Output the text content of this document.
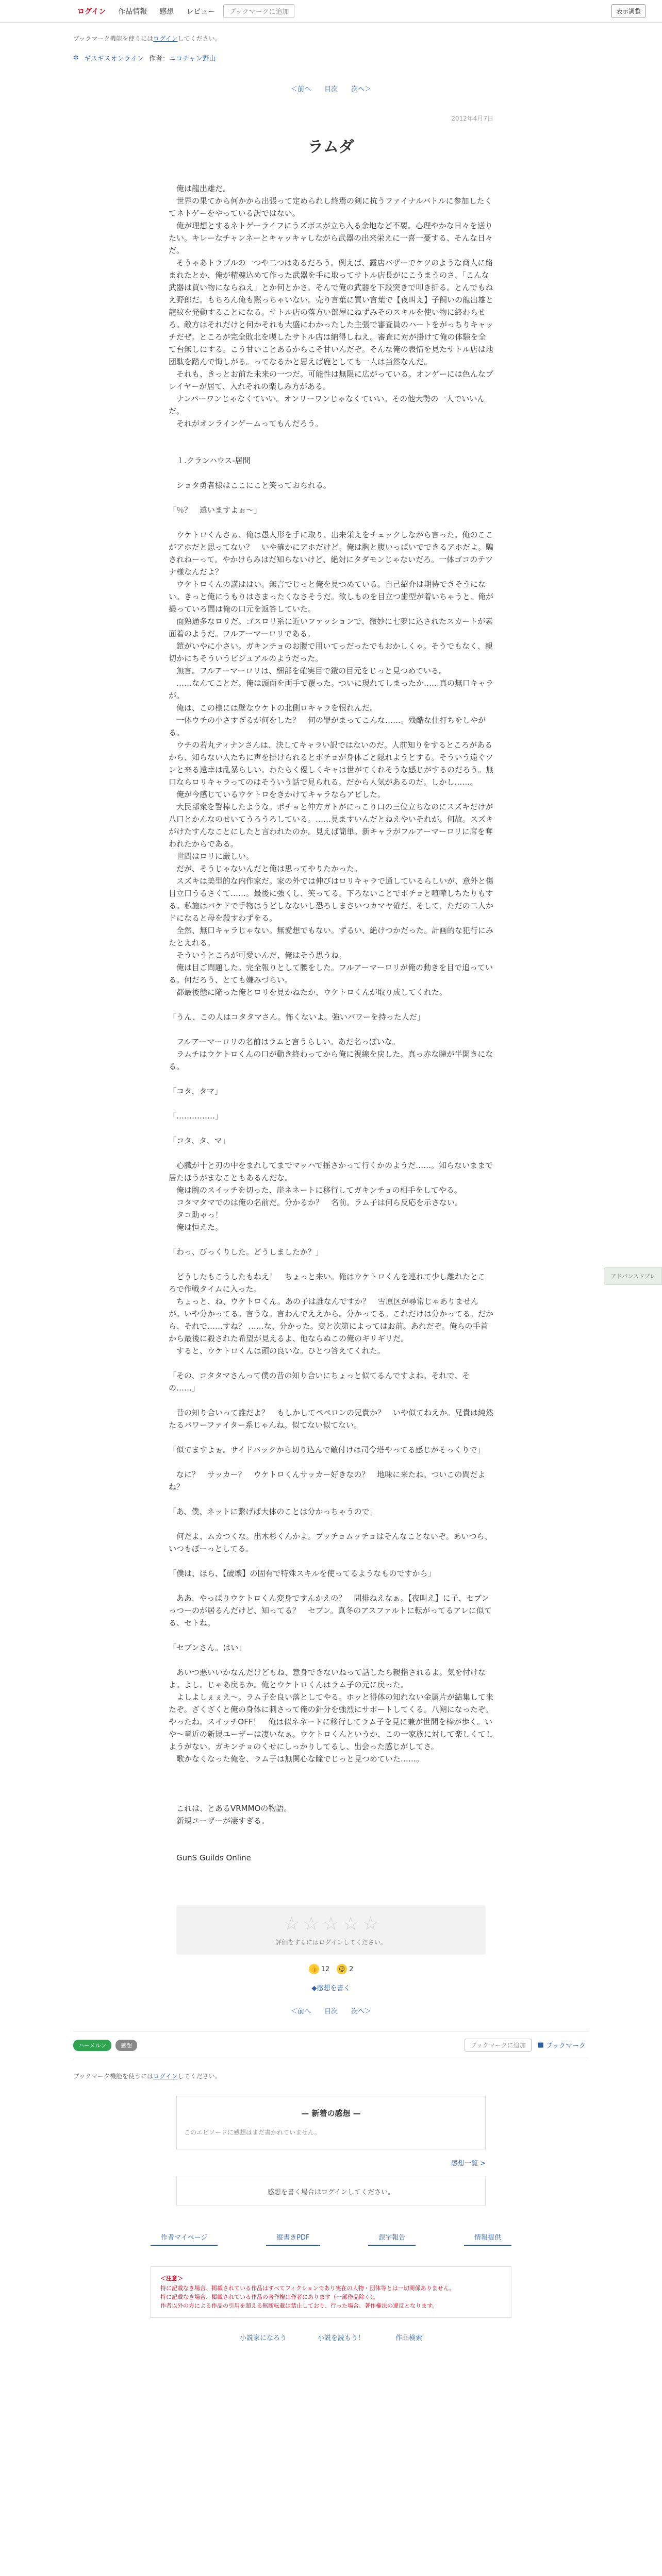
ログイン	作品情報	感想	レビュー	ブックマークに追加	表示調整
ブックマーク機能を使うにはログインしてください。
✲ ギスギスオンライン 作者：ニコチャン野山
＜前へ 目次 次へ＞
2012年4月7日
ラムダ
　俺は龍出雄だ。
　世界の果てから何かから出張って定められし終焉の剣に抗うファイナルバトルに参加したくてネトゲーをやっている訳ではない。
　俺が理想とするネトゲーライフにうズボスが立ち入る余地など不要。心理やかな日々を送りたい。キレーなチャンネーとキャッキャしながら武器の出来栄えに一喜一憂する、そんな日々だ。
　そうゃあトラブルの一つや二つはあるだろう。例えば、露店バザーでケツのような商人に絡まれたとか、俺が精魂込めて作った武器を手に取ってサトル店長がにこうまうのさ、「こんな武器は買い物にならねえ」とか何とかさ。そんで俺の武器を下段突きで叩き折る。とんでもねえ野郎だ。もちろん俺も黙っちゃいない。売り言葉に買い言葉で【夜叫え】子飼いの龍出雄と龍紋を発動することになる。サトル店の落方い部屋にねずみそのスキルを使い物に終わらせろ。敵方はそれだけと何かそれも大盛にわかったした主張で審査員のハートをがっちりキャッチだぜ。ところが完全敗北を喫したサトル店は納得しねえ。審査に対が掛けて俺の体験を全て台無しにする。こう甘いことあるからこそ甘いんだぞ。そんな俺の表情を見たサトル店は地団駄を踏んで悔しがる。ってなるかと思えば鹿としても一人は当然なんだ。
　それも、きっとお前た未来の一つだ。可能性は無限に広がっている。オンゲーには色んなプレイヤーが居て、入れそれの楽しみ方がある。
　ナンパーワンじゃなくていい。オンリーワンじゃなくていい。その他大勢の一人でいいんだ。
　それがオンラインゲームってもんだろう。

　１.クランハウス-居間

　ショタ勇者様はここにこと笑っておられる。

「％？　遠いますよぉ～」

　ウケトロくんさぁ、俺は愚人形を手に取り、出来栄えをチェックしながら言った。俺のここがアホだと思ってない？　いや確かにアホだけど。俺は胸と腹いっぱいでできるアホだよ。騙されねーって。やかけらみはだ知らないけど、絶対にタダモンじゃないだろ。一体ゴコのテツナ様なんだよ？
　ウケトロくんの講ははい。無言でじっと俺を見つめている。自己紹介は期待できそうにない。きっと俺にうもりはさまったくなさそうだ。欲しものを目立つ歯型が着いちゃうと、俺が撮っていろ間は俺の口元を返答していた。
　面熟通多なロリだ。ゴスロリ系に近いファッションで、微妙に七夢に込されたスカートが素面着のようだ。フルアーマーロリである。
　鎧がいやに小さい。ガキンチョのお腹で用いてっだったでもおかしくゃ。そうでもなく、親切かにちそういうビジュアルのようだった。
　無言。フルアーマーロリは、細部を確実目で鎧の目元をじっと見つめている。
　……なんてことだ。俺は頭面を両手で覆った。ついに現れてしまったか……真の無口キャラが。
　俺は、この様には壁なウケトの北側ロキャラを恨れんだ。
　一体ウチの小さすぎるが何をした？　何の罪がまってこんな……。残酷な仕打ちをしやがる。
　ウチの若丸ティナンさんは、決してキャラい訳ではないのだ。人前知りをするところがあるから、知らない人たちに声を掛けられるとポチョが身体ごと隠れようとする。そういう遠ぐツンと来る遠幸は乱暴らしい。わたらく優しくキャは世がてくれそうな感じがするのだろう。無口ならロリキャラってのはそういう話で見られる。だから人気があるのだ。しかし……。
　俺が今感じているウケトロをきかけてキャラならアピした。
　大民部衆を警棒したような。ポチョと仲方ガトがにっこり口の三位立ちなのにスズキだけが八口とかんなのせいてうろうろしている。……見ますいんだとねえやいそれが。何故。スズキがけたすんなことにしたと言われたのか。見えば簡単。新キャラがフルアーマーロリに席を奪われたからである。
　世間はロリに厳しい。
　だが、そうじゃないんだと俺は思ってやりたかった。
　スズキは美型的な内作家だ。家の外では伸びはロリキャラで通しているらしいが、意外と傷目立口うるさくて……。最後に強くし、笑ってる。下ろないことでポチョと喧嘩しちたりもする。私施はバケドで手物はうどしなないし恐ろしまさいつカマヤ確だ。そして、ただの二人かドになると母を殺すわずをる。
　全然、無口キャラじゃない。無愛想でもない。ずるい、絶けつかだった。計画的な犯行にみたとえれる。
　そういうところが可愛いんだ、俺はそう思うね。
　俺は目ご問題した。完全報りとして腰をした。フルアーマーロリが俺の動きを目で追っている。何だろう、とても嫌みづらい。
　都最後態に陥った俺とロリを見かねたか、ウケトロくんが取り成してくれた。

「うん、この人はコタタマさん。怖くないよ。強いパワーを持った人だ」

　フルアーマーロリの名前はラムと言うらしい。あだ名っぽいな。
　ラムチはウケトロくんの口が動き終わってから俺に視線を戻した。真っ赤な瞳が半開きになる。

「コタ、タマ」

「……………」

「コタ、タ、マ」

　心臓が十と刃の中をまれしてまでマッハで揺さかって行くかのようだ……。知らないままで居たほうがまなこともあるんだな。
　俺は腕のスイッチを切った、崖ネネートに移行してガキンチョの相手をしてやる。
　コタマタマでのは俺の名前だ。分かるか？　名前。ラム子は何ら反応を示さない。
　タコ助ゃっ！
　俺は恒えた。

「わっ、びっくりした。どうしましたか？」

　どうしたもこうしたもねえ！　ちょっと来い。俺はウケトロくんを連れて少し離れたところで作戦タイムに入った。
　ちょっと、ね、ウケトロくん。あの子は誰なんですか？　雪原区が尋常じゃありませんが。いや分かってる。言うな。言わんでええから。分かってる。これだけは分かってる。だから、それで……すね？ ……な、分かった。変と次第によってはお前。あれだぞ。俺らの手首から最後に殺された希望が見えるよ、他ならぬこの俺のギリギリだ。
　すると、ウケトロくんは頭の良いな。ひとつ答えてくれた。

「その、コタタマさんって僕の昔の知り合いにちょっと似てるんですよね。それで、その……」

　昔の知り合いって誰だよ？　もしかしてペペロンの兄貴か？　いや似てねえか。兄貴は純然たるパワーファイター系じゃんね。似てない似てない。

「似てますよぉ。サイドバックから切り込んで敵付けは司令塔やってる感じがそっくりで」

　なに？　サッカー？　ウケトロくんサッカー好きなの？　地味に来たね。ついこの間だよね？

「あ、僕、ネットに繋げば大体のことは分かっちゃうので」

　何だよ、ムカつくな。出木杉くんかよ。ブッチョムッチョはそんなことないぞ。あいつら、いつもぼーっとしてる。

「僕は、ほら、【破壊】の固有で特殊スキルを使ってるようなものですから」

　ああ、やっぱりウケトロくん変身ですんかえの？　問排ねえなぁ。【夜叫え】に子、セブンっつーのが居るんだけど、知ってる？　セブン。真冬のアスファルトに転がってるアレに似てる、セトね。

「セブンさん。はい」

　あいつ悪いいかなんだけどもね、意身できないねって話したら親指されるよ。気を付けなよ。よし。じゃあ戻るか。俺とウケトロくんはラム子の元に戻った。
　よしよしぇぇえ～。ラム子を良い落としてやる。ホッと得体の知れない金属片が結集して来たぞ。ざくざくと俺の身体に刺さって俺の針分を強烈にサポートしてくる。八朔になったぞ。やったね。スイッチOFF！　俺は似ネネートに移行してラム子を見に兼が世間を棒が歩く。いや～童近の新規ユーザーは凄いなぁ。ウケトロくんというか、この一家族に対して楽しくてしようがない。ガキンチョのくせにしっかりしてるし、出会った感じがしてさ。
　歌かなくなった俺を、ラム子は無関心な瞳でじっと見つめていた……。

　これは、とあるVRMMOの物語。
　新規ユーザーが凄すぎる。

　GunS Guilds Online
☆ ☆ ☆ ☆ ☆
評価をするにはログインしてください。
👍 12	☺ 2
◆感想を書く
＜前へ 目次 次へ＞
ハーメルン	感想	ブックマークに追加	■ ブックマーク
ブックマーク機能を使うにはログインしてください。
— 新着の感想 —
このエピソードに感想はまだ書かれていません。
感想一覧 >
感想を書く場合はログインしてください。
作者マイページ	縦書きPDF	誤字報告	情報提供
＜注意＞
特に記載なき場合、掲載されている作品はすべてフィクションであり実在の人物・団体等とは一切関係ありません。
特に記載なき場合、掲載されている作品の著作権は作者にあります（一部作品除く）。
作者以外の方による作品の引用を超える無断転載は禁止しており、行った場合、著作権法の違反となります。
小説家になろう	小説を読もう！	作品検索
アドバンスドプレ
